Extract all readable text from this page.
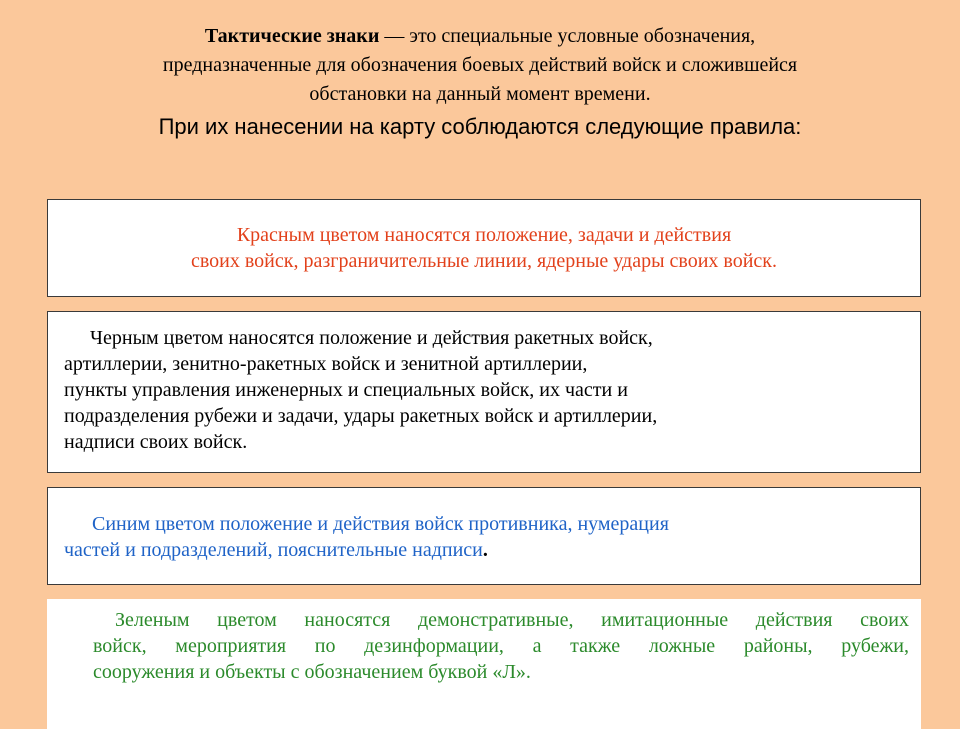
Тактические знаки — это специальные условные обозначения,
предназначенные для обозначения боевых действий войск и сложившейся
обстановки на данный момент времени.
При их нанесении на карту соблюдаются следующие правила:
Красным цветом наносятся положение, задачи и действия
своих войск, разграничительные линии, ядерные удары своих войск.
Черным цветом наносятся положение и действия ракетных войск,
артиллерии, зенитно-ракетных войск и зенитной артиллерии,
пункты управления инженерных и специальных войск, их части и
подразделения рубежи и задачи, удары ракетных войск и артиллерии,
надписи своих войск.
Синим цветом положение и действия войск противника, нумерация
частей и подразделений, пояснительные надписи.
Зеленым цветом наносятся демонстративные, имитационные действия своих
войск, мероприятия по дезинформации, а также ложные районы, рубежи,
сооружения и объекты с обозначением буквой «Л».
